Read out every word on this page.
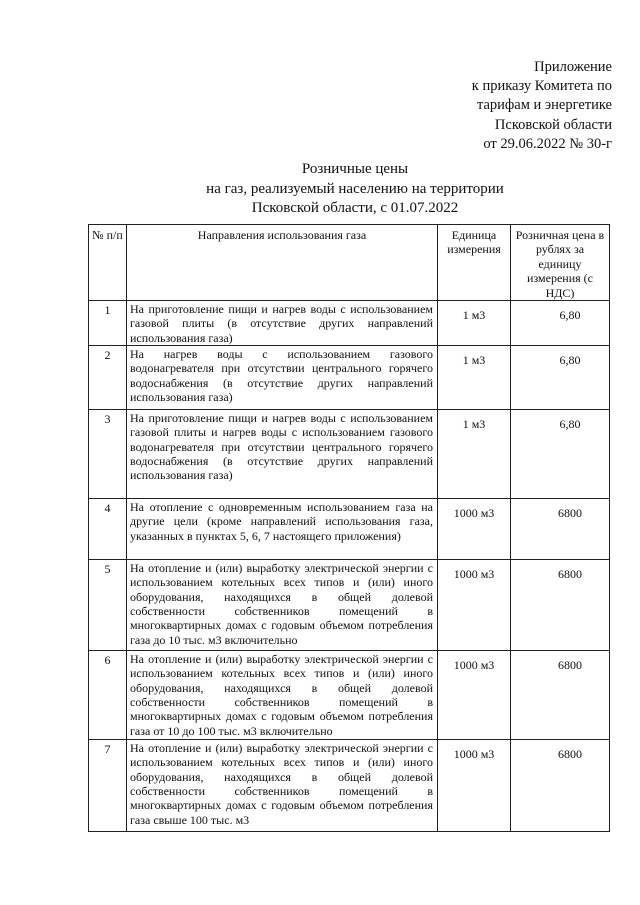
Приложение
к приказу Комитета по
тарифам и энергетике
Псковской области
от 29.06.2022 № 30-г
Розничные цены
на газ, реализуемый населению на территории
Псковской области, с 01.07.2022
№ п/п	Направления использования газа	Единица измерения	Розничная цена в рублях за единицу измерения (с НДС)
1	На приготовление пищи и нагрев воды с использованием газовой плиты (в отсутствие других направлений использования газа)	1 м3	6,80
2	На нагрев воды с использованием газового водонагревателя при отсутствии центрального горячего водоснабжения (в отсутствие других направлений использования газа)	1 м3	6,80
3	На приготовление пищи и нагрев воды с использованием газовой плиты и нагрев воды с использованием газового водонагревателя при отсутствии центрального горячего водоснабжения (в отсутствие других направлений использования газа)	1 м3	6,80
4	На отопление с одновременным использованием газа на другие цели (кроме направлений использования газа, указанных в пунктах 5, 6, 7 настоящего приложения)	1000 м3	6800
5	На отопление и (или) выработку электрической энергии с использованием котельных всех типов и (или) иного оборудования, находящихся в общей долевой собственности собственников помещений в многоквартирных домах с годовым объемом потребления газа до 10 тыс. м3 включительно	1000 м3	6800
6	На отопление и (или) выработку электрической энергии с использованием котельных всех типов и (или) иного оборудования, находящихся в общей долевой собственности собственников помещений в многоквартирных домах с годовым объемом потребления газа от 10 до 100 тыс. м3 включительно	1000 м3	6800
7	На отопление и (или) выработку электрической энергии с использованием котельных всех типов и (или) иного оборудования, находящихся в общей долевой собственности собственников помещений в многоквартирных домах с годовым объемом потребления газа свыше 100 тыс. м3	1000 м3	6800
